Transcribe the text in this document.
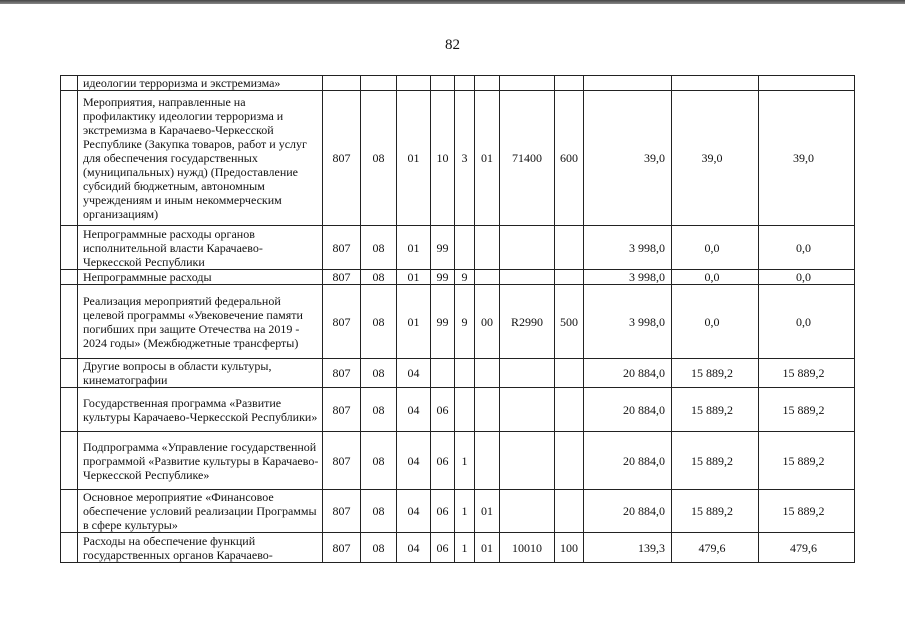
82
	идеологии терроризма и экстремизма»											
	Мероприятия, направленные на профилактику идеологии терроризма и экстремизма в Карачаево-Черкесской Республике (Закупка товаров, работ и услуг для обеспечения государственных (муниципальных) нужд) (Предоставление субсидий бюджетным, автономным учреждениям и иным некоммерческим организациям)	807	08	01	10	3	01	71400	600	39,0	39,0	39,0
	Непрограммные расходы органов исполнительной власти Карачаево-Черкесской Республики	807	08	01	99					3 998,0	0,0	0,0
	Непрограммные расходы	807	08	01	99	9				3 998,0	0,0	0,0
	Реализация мероприятий федеральной целевой программы «Увековечение памяти погибших при защите Отечества на 2019 - 2024 годы» (Межбюджетные трансферты)	807	08	01	99	9	00	R2990	500	3 998,0	0,0	0,0
	Другие вопросы в области культуры, кинематографии	807	08	04						20 884,0	15 889,2	15 889,2
	Государственная программа «Развитие культуры Карачаево-Черкесской Республики»	807	08	04	06					20 884,0	15 889,2	15 889,2
	Подпрограмма «Управление государственной программой «Развитие культуры в Карачаево-Черкесской Республике»	807	08	04	06	1				20 884,0	15 889,2	15 889,2
	Основное мероприятие «Финансовое обеспечение условий реализации Программы в сфере культуры»	807	08	04	06	1	01			20 884,0	15 889,2	15 889,2
	Расходы на обеспечение функций государственных органов Карачаево-	807	08	04	06	1	01	10010	100	139,3	479,6	479,6
